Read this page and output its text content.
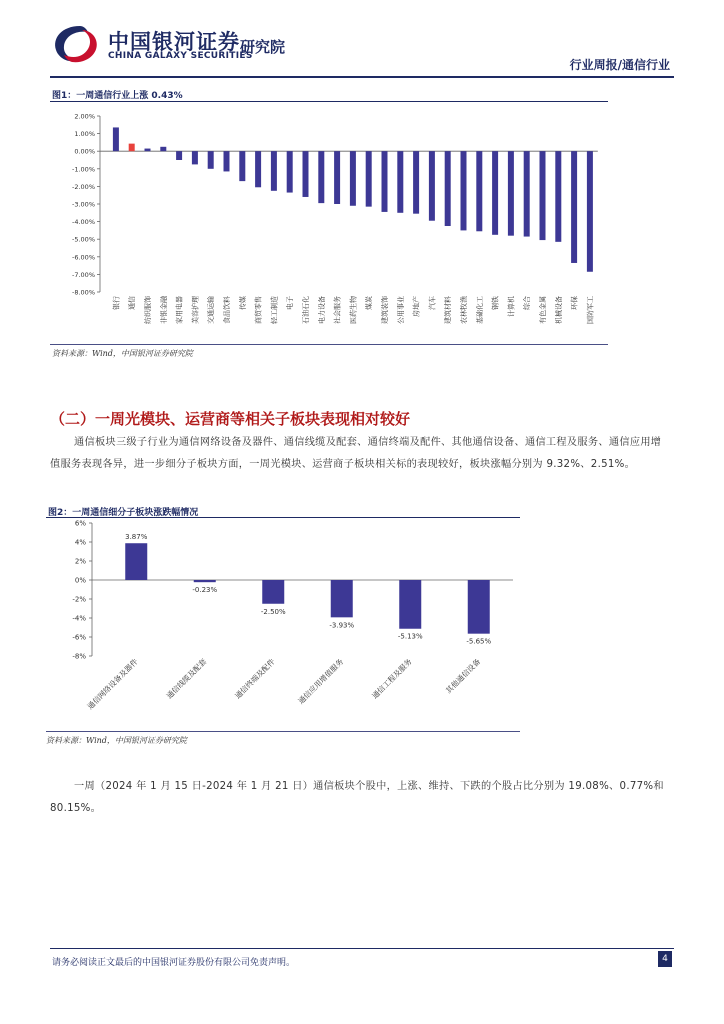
中国银河证券
CHINA GALAXY SECURITIES
研究院
行业周报/通信行业
图1：一周通信行业上涨 0.43%
2.00%
1.00%
0.00%
-1.00%
-2.00%
-3.00%
-4.00%
-5.00%
-6.00%
-7.00%
-8.00%
银行 通信 纺织服饰 非银金融 家用电器 美容护理 交通运输 食品饮料 传媒 商贸零售 轻工制造 电子 石油石化 电力设备 社会服务 医药生物 煤炭 建筑装饰 公用事业 房地产 汽车 建筑材料 农林牧渔 基础化工 钢铁 计算机 综合 有色金属 机械设备 环保 国防军工
资料来源：Wind，中国银河证券研究院
（二）一周光模块、运营商等相关子板块表现相对较好
通信板块三级子行业为通信网络设备及器件、通信线缆及配套、通信终端及配件、其他通信设备、通信工程及服务、通信应用增值服务表现各异，进一步细分子板块方面，一周光模块、运营商子板块相关标的表现较好，板块涨幅分别为 9.32%、2.51%。
图2：一周通信细分子板块涨跌幅情况
6%
4%
2%
0%
-2%
-4%
-6%
-8%
3.87%
通信网络设备及器件
-0.23%
通信线缆及配套
-2.50%
通信终端及配件
-3.93%
通信应用增值服务
-5.13%
通信工程及服务
-5.65%
其他通信设备
资料来源：Wind，中国银河证券研究院
一周（2024 年 1 月 15 日-2024 年 1 月 21 日）通信板块个股中，上涨、维持、下跌的个股占比分别为 19.08%、0.77%和 80.15%。
请务必阅读正文最后的中国银河证券股份有限公司免责声明。	4
